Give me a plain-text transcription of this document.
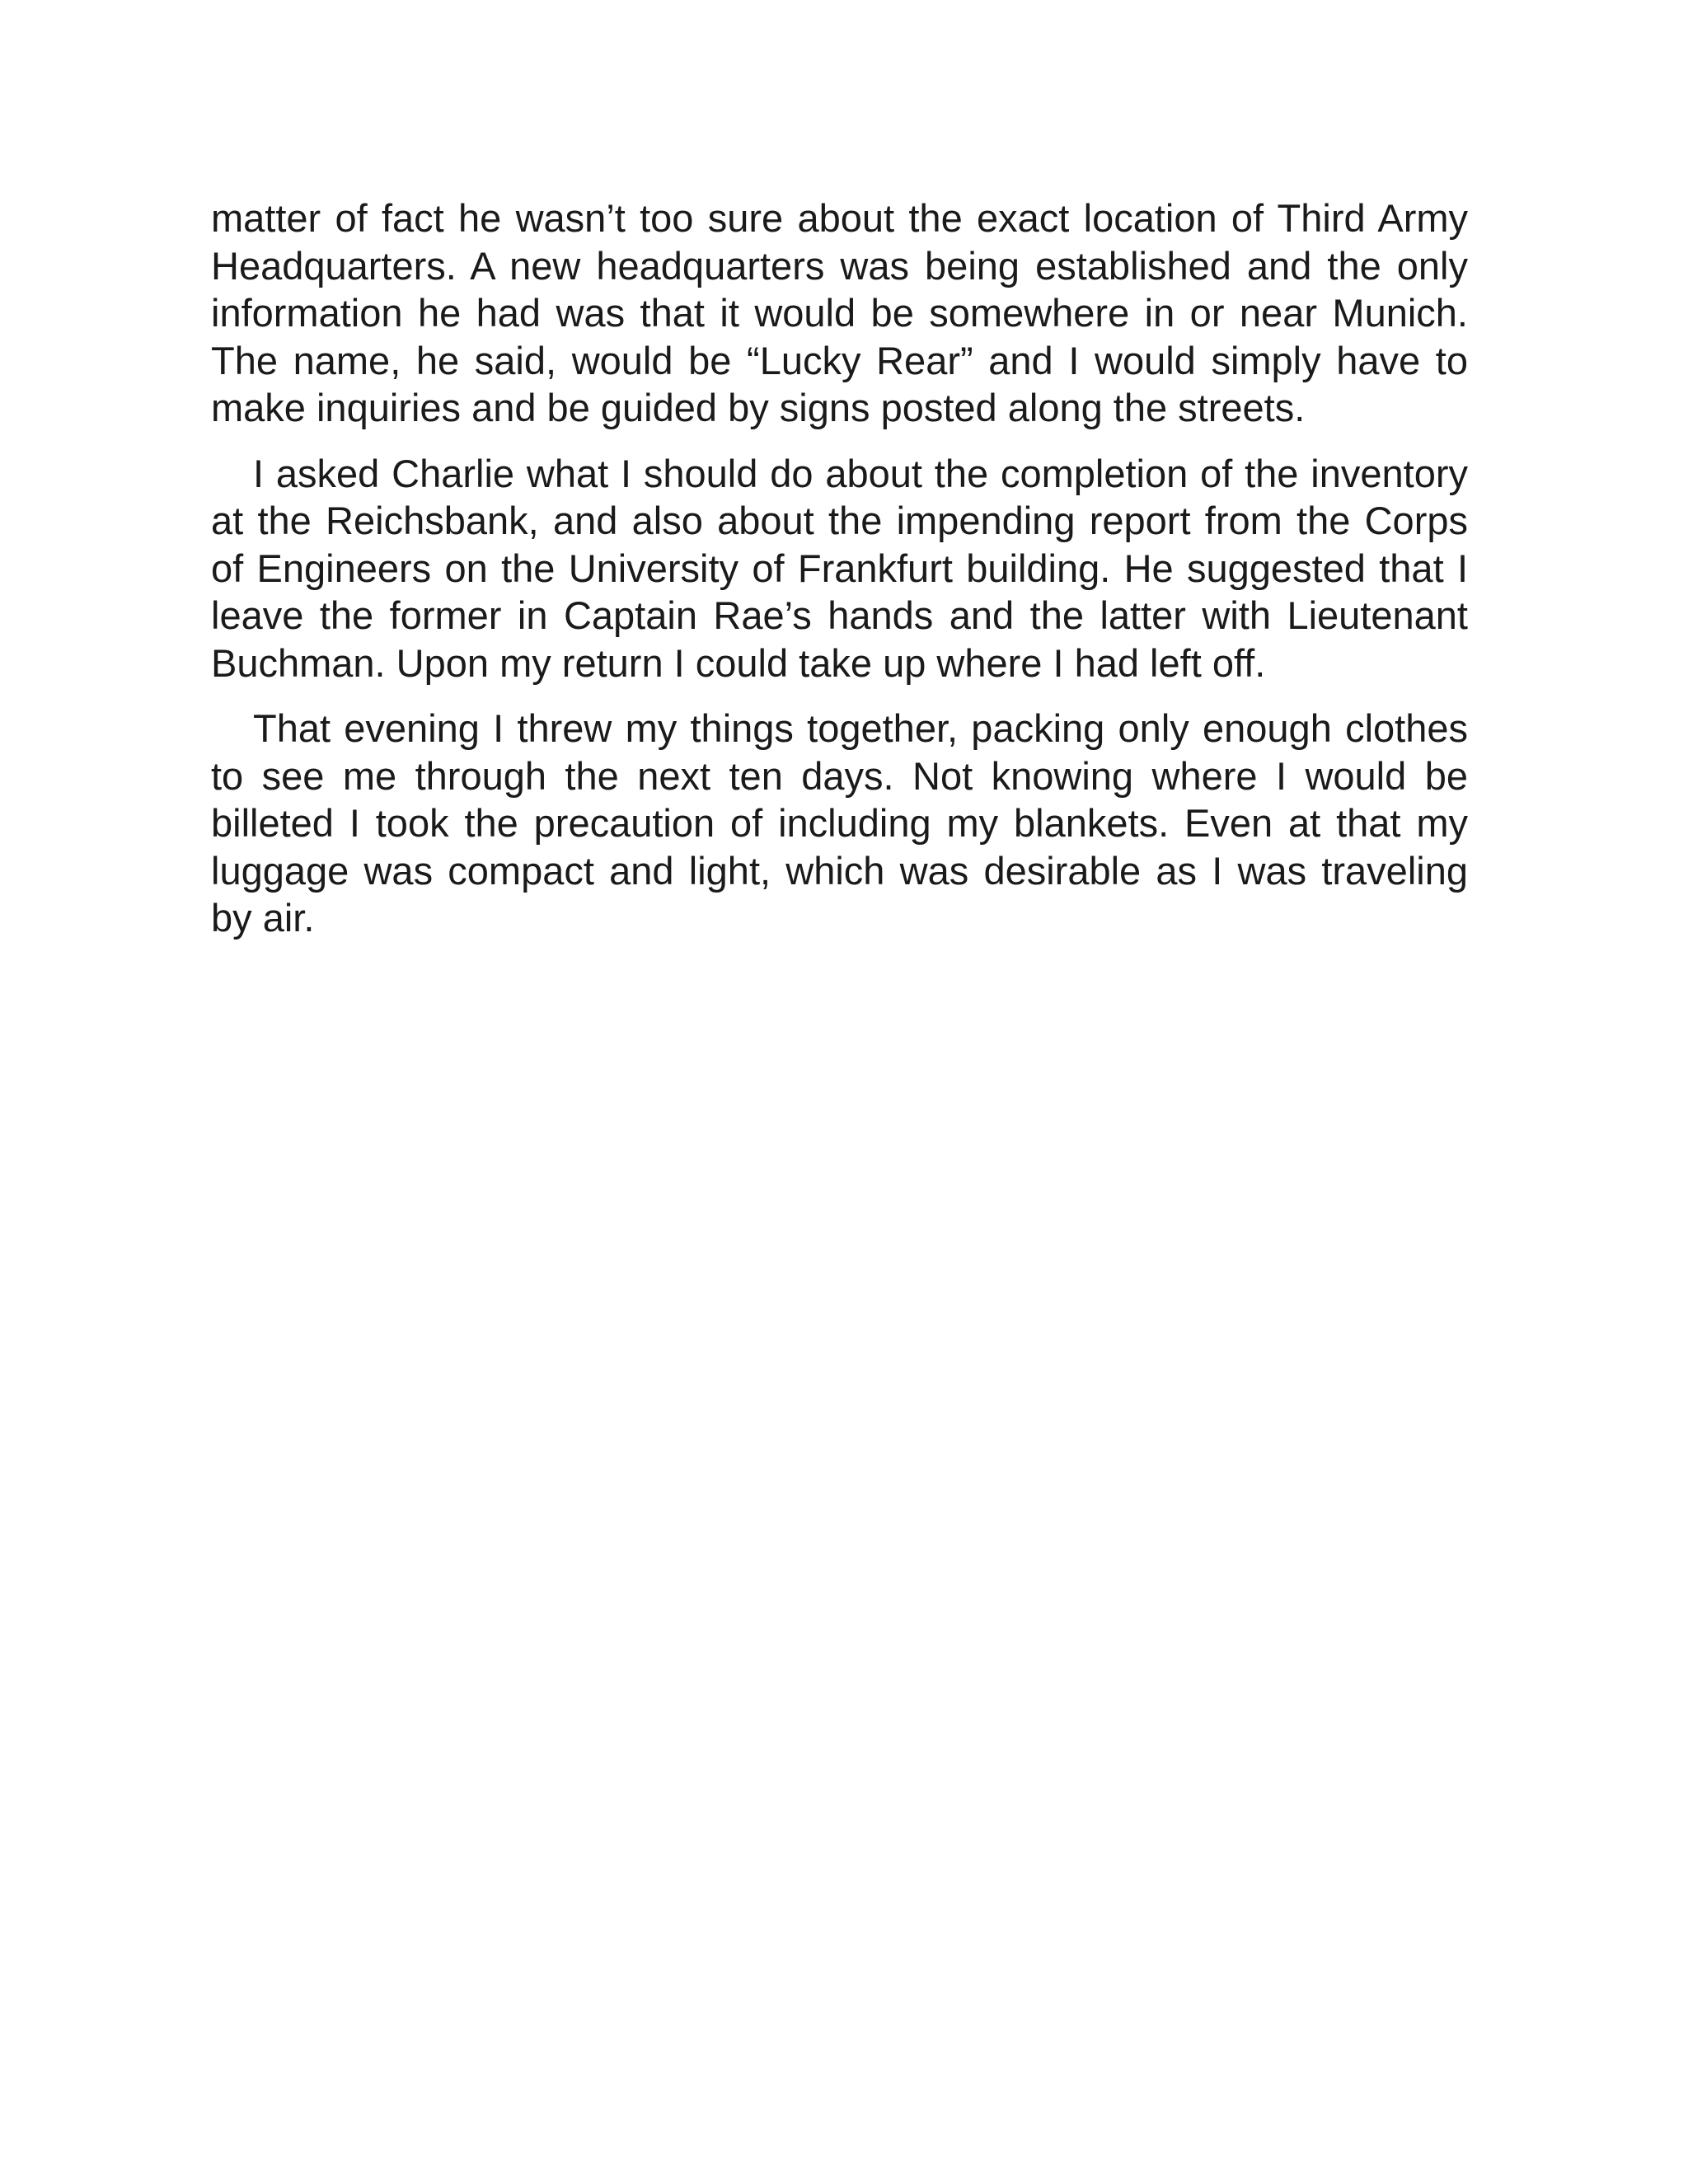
matter of fact he wasn’t too sure about the exact location of Third Army Headquarters. A new headquarters was being established and the only information he had was that it would be somewhere in or near Munich. The name, he said, would be “Lucky Rear” and I would simply have to make inquiries and be guided by signs posted along the streets.

I asked Charlie what I should do about the completion of the inventory at the Reichsbank, and also about the impending report from the Corps of Engineers on the University of Frankfurt building. He suggested that I leave the former in Captain Rae’s hands and the latter with Lieutenant Buchman. Upon my return I could take up where I had left off.

That evening I threw my things together, packing only enough clothes to see me through the next ten days. Not knowing where I would be billeted I took the precaution of including my blankets. Even at that my luggage was compact and light, which was desirable as I was traveling by air.
